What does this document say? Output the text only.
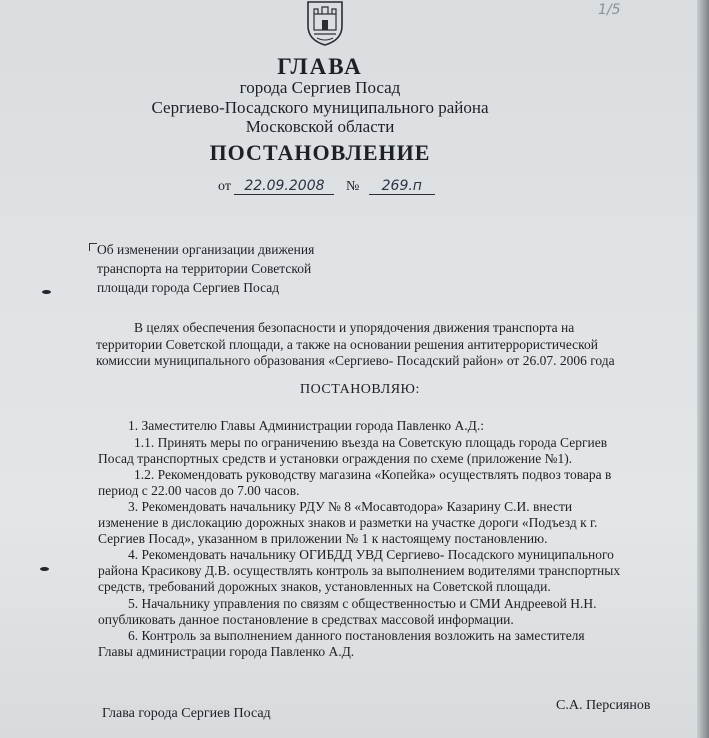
1/5
ГЛАВА
города Сергиев Посад
Сергиево-Посадского муниципального района
Московской области
ПОСТАНОВЛЕНИЕ
от 22.09.2008 № 269.п
Об изменении организации движения
транспорта на территории Советской
площади города Сергиев Посад
В целях обеспечения безопасности и упорядочения движения транспорта на
территории Советской площади, а также на основании решения антитеррористической
комиссии муниципального образования «Сергиево- Посадский район» от 26.07. 2006 года
ПОСТАНОВЛЯЮ:
1. Заместителю Главы Администрации города Павленко А.Д.:
1.1. Принять меры по ограничению въезда на Советскую площадь города Сергиев
Посад транспортных средств и установки ограждения по схеме (приложение №1).
1.2. Рекомендовать руководству магазина «Копейка» осуществлять подвоз товара в
период с 22.00 часов до 7.00 часов.
3. Рекомендовать начальнику РДУ № 8 «Мосавтодора» Казарину С.И. внести
изменение в дислокацию дорожных знаков и разметки на участке дороги «Подъезд к г.
Сергиев Посад», указанном в приложении № 1 к настоящему постановлению.
4. Рекомендовать начальнику ОГИБДД УВД Сергиево- Посадского муниципального
района Красикову Д.В. осуществлять контроль за выполнением водителями транспортных
средств, требований дорожных знаков, установленных на Советской площади.
5. Начальнику управления по связям с общественностью и СМИ Андреевой Н.Н.
опубликовать данное постановление в средствах массовой информации.
6. Контроль за выполнением данного постановления возложить на заместителя
Главы администрации города Павленко А.Д.
Глава города Сергиев Посад
С.А. Персиянов
